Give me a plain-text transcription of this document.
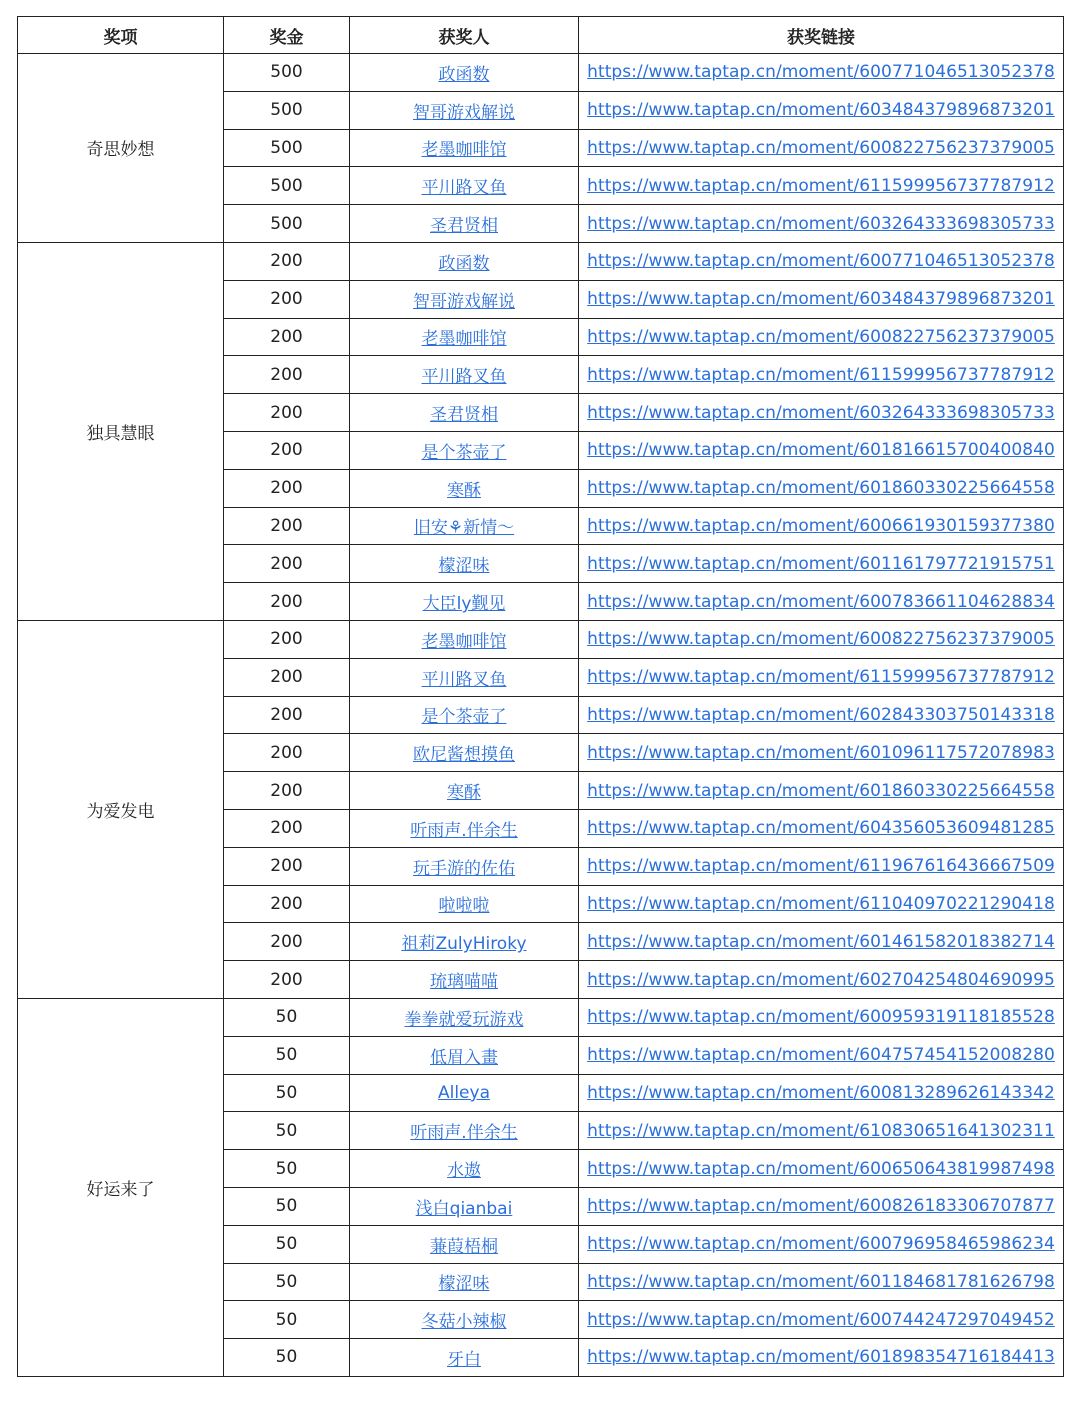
奖项	奖金	获奖人	获奖链接
奇思妙想	500	政函数	https://www.taptap.cn/moment/600771046513052378
	500	智哥游戏解说	https://www.taptap.cn/moment/603484379896873201
	500	老墨咖啡馆	https://www.taptap.cn/moment/600822756237379005
	500	平川路叉鱼	https://www.taptap.cn/moment/611599956737787912
	500	圣君贤相	https://www.taptap.cn/moment/603264333698305733
独具慧眼	200	政函数	https://www.taptap.cn/moment/600771046513052378
	200	智哥游戏解说	https://www.taptap.cn/moment/603484379896873201
	200	老墨咖啡馆	https://www.taptap.cn/moment/600822756237379005
	200	平川路叉鱼	https://www.taptap.cn/moment/611599956737787912
	200	圣君贤相	https://www.taptap.cn/moment/603264333698305733
	200	是个茶壶了	https://www.taptap.cn/moment/601816615700400840
	200	寒酥	https://www.taptap.cn/moment/601860330225664558
	200	旧安⚘新情～	https://www.taptap.cn/moment/600661930159377380
	200	檬涩味	https://www.taptap.cn/moment/601161797721915751
	200	大臣ly觐见	https://www.taptap.cn/moment/600783661104628834
为爱发电	200	老墨咖啡馆	https://www.taptap.cn/moment/600822756237379005
	200	平川路叉鱼	https://www.taptap.cn/moment/611599956737787912
	200	是个茶壶了	https://www.taptap.cn/moment/602843303750143318
	200	欧尼酱想摸鱼	https://www.taptap.cn/moment/601096117572078983
	200	寒酥	https://www.taptap.cn/moment/601860330225664558
	200	听雨声.伴余生	https://www.taptap.cn/moment/604356053609481285
	200	玩手游的佐佑	https://www.taptap.cn/moment/611967616436667509
	200	啦啦啦	https://www.taptap.cn/moment/611040970221290418
	200	祖莉ZulyHiroky	https://www.taptap.cn/moment/601461582018382714
	200	琉璃喵喵	https://www.taptap.cn/moment/602704254804690995
好运来了	50	拳拳就爱玩游戏	https://www.taptap.cn/moment/600959319118185528
	50	低眉入畫	https://www.taptap.cn/moment/604757454152008280
	50	Alleya	https://www.taptap.cn/moment/600813289626143342
	50	听雨声.伴余生	https://www.taptap.cn/moment/610830651641302311
	50	水遨	https://www.taptap.cn/moment/600650643819987498
	50	浅白qianbai	https://www.taptap.cn/moment/600826183306707877
	50	蒹葭梧桐	https://www.taptap.cn/moment/600796958465986234
	50	檬涩味	https://www.taptap.cn/moment/601184681781626798
	50	冬菇小辣椒	https://www.taptap.cn/moment/600744247297049452
	50	牙白	https://www.taptap.cn/moment/601898354716184413
